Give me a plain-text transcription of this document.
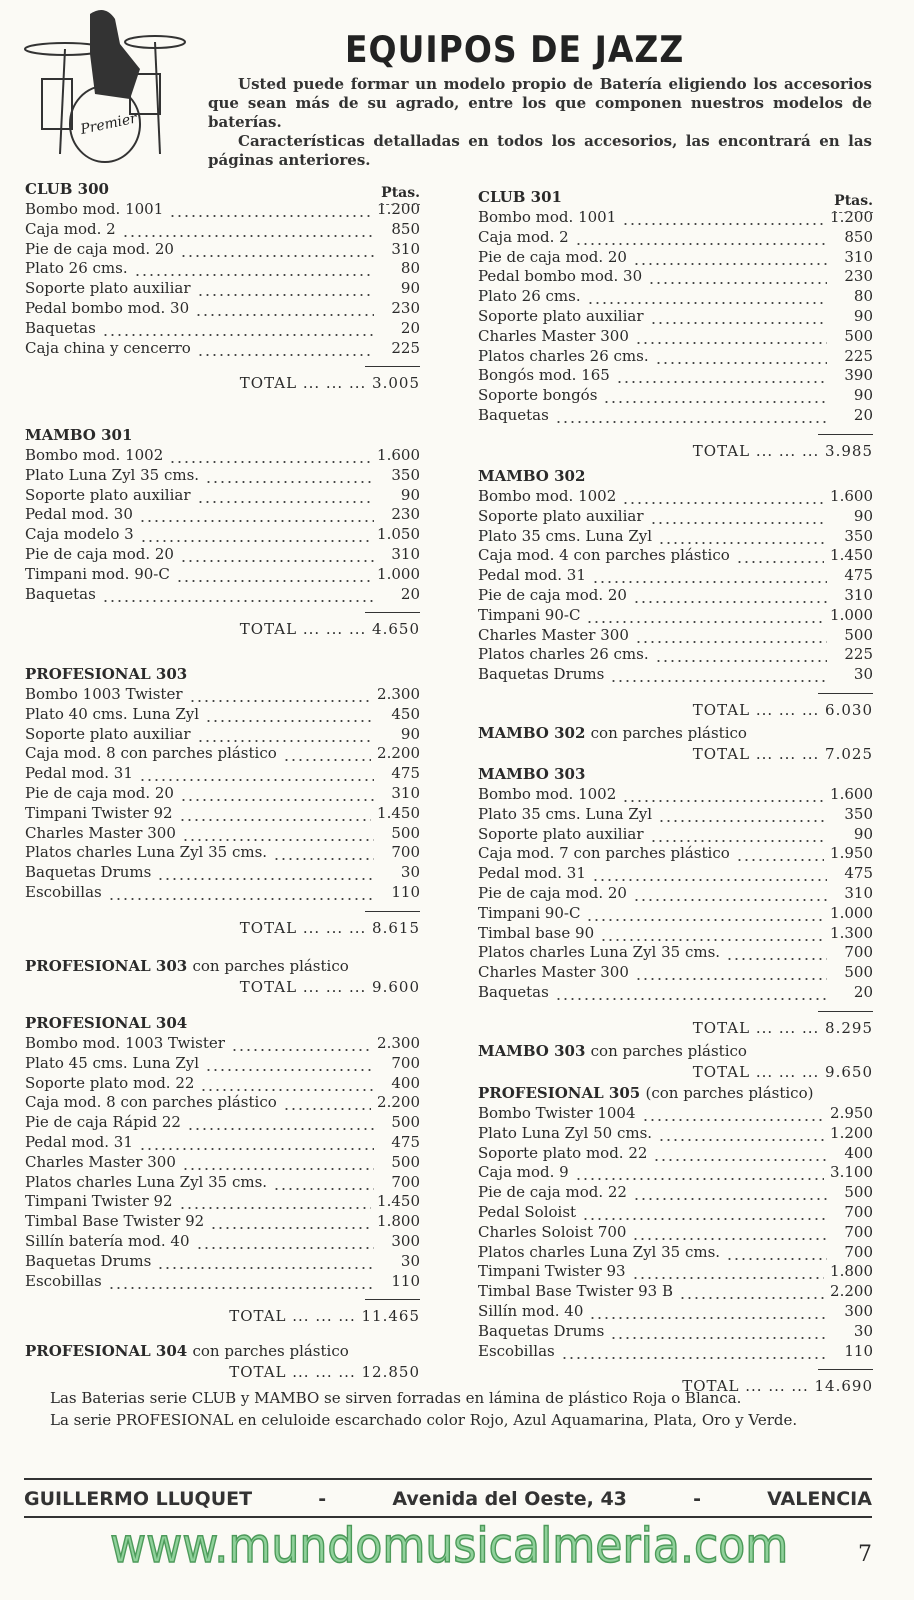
Premier
EQUIPOS DE JAZZ

Usted puede formar un modelo propio de Batería eligiendo los accesorios que sean más de su agrado, entre los que componen nuestros modelos de baterías.

Características detalladas en todos los accesorios, las encontrará en las páginas anteriores.

CLUB 300	Ptas.
Bombo mod. 1001	1.200
Caja mod. 2	850
Pie de caja mod. 20	310
Plato 26 cms.	80
Soporte plato auxiliar	90
Pedal bombo mod. 30	230
Baquetas	20
Caja china y cencerro	225
TOTAL ... ... ... 3.005
MAMBO 301
Bombo mod. 1002	1.600
Plato Luna Zyl 35 cms.	350
Soporte plato auxiliar	90
Pedal mod. 30	230
Caja modelo 3	1.050
Pie de caja mod. 20	310
Timpani mod. 90-C	1.000
Baquetas	20
TOTAL ... ... ... 4.650
PROFESIONAL 303
Bombo 1003 Twister	2.300
Plato 40 cms. Luna Zyl	450
Soporte plato auxiliar	90
Caja mod. 8 con parches plástico	2.200
Pedal mod. 31	475
Pie de caja mod. 20	310
Timpani Twister 92	1.450
Charles Master 300	500
Platos charles Luna Zyl 35 cms.	700
Baquetas Drums	30
Escobillas	110
TOTAL ... ... ... 8.615
PROFESIONAL 303 con parches plástico
TOTAL ... ... ... 9.600
PROFESIONAL 304
Bombo mod. 1003 Twister	2.300
Plato 45 cms. Luna Zyl	700
Soporte plato mod. 22	400
Caja mod. 8 con parches plástico	2.200
Pie de caja Rápid 22	500
Pedal mod. 31	475
Charles Master 300	500
Platos charles Luna Zyl 35 cms.	700
Timpani Twister 92	1.450
Timbal Base Twister 92	1.800
Sillín batería mod. 40	300
Baquetas Drums	30
Escobillas	110
TOTAL ... ... ... 11.465
PROFESIONAL 304 con parches plástico
TOTAL ... ... ... 12.850
CLUB 301	Ptas.
Bombo mod. 1001	1.200
Caja mod. 2	850
Pie de caja mod. 20	310
Pedal bombo mod. 30	230
Plato 26 cms.	80
Soporte plato auxiliar	90
Charles Master 300	500
Platos charles 26 cms.	225
Bongós mod. 165	390
Soporte bongós	90
Baquetas	20
TOTAL ... ... ... 3.985
MAMBO 302
Bombo mod. 1002	1.600
Soporte plato auxiliar	90
Plato 35 cms. Luna Zyl	350
Caja mod. 4 con parches plástico	1.450
Pedal mod. 31	475
Pie de caja mod. 20	310
Timpani 90-C	1.000
Charles Master 300	500
Platos charles 26 cms.	225
Baquetas Drums	30
TOTAL ... ... ... 6.030
MAMBO 302 con parches plástico
TOTAL ... ... ... 7.025
MAMBO 303
Bombo mod. 1002	1.600
Plato 35 cms. Luna Zyl	350
Soporte plato auxiliar	90
Caja mod. 7 con parches plástico	1.950
Pedal mod. 31	475
Pie de caja mod. 20	310
Timpani 90-C	1.000
Timbal base 90	1.300
Platos charles Luna Zyl 35 cms.	700
Charles Master 300	500
Baquetas	20
TOTAL ... ... ... 8.295
MAMBO 303 con parches plástico
TOTAL ... ... ... 9.650
PROFESIONAL 305 (con parches plástico)
Bombo Twister 1004	2.950
Plato Luna Zyl 50 cms.	1.200
Soporte plato mod. 22	400
Caja mod. 9	3.100
Pie de caja mod. 22	500
Pedal Soloist	700
Charles Soloist 700	700
Platos charles Luna Zyl 35 cms.	700
Timpani Twister 93	1.800
Timbal Base Twister 93 B	2.200
Sillín mod. 40	300
Baquetas Drums	30
Escobillas	110
TOTAL ... ... ... 14.690

Las Baterias serie CLUB y MAMBO se sirven forradas en lámina de plástico Roja o Blanca.

La serie PROFESIONAL en celuloide escarchado color Rojo, Azul Aquamarina, Plata, Oro y Verde.

GUILLERMO LLUQUET	-	Avenida del Oeste, 43	-	VALENCIA
www.mundomusicalmeria.com	7
